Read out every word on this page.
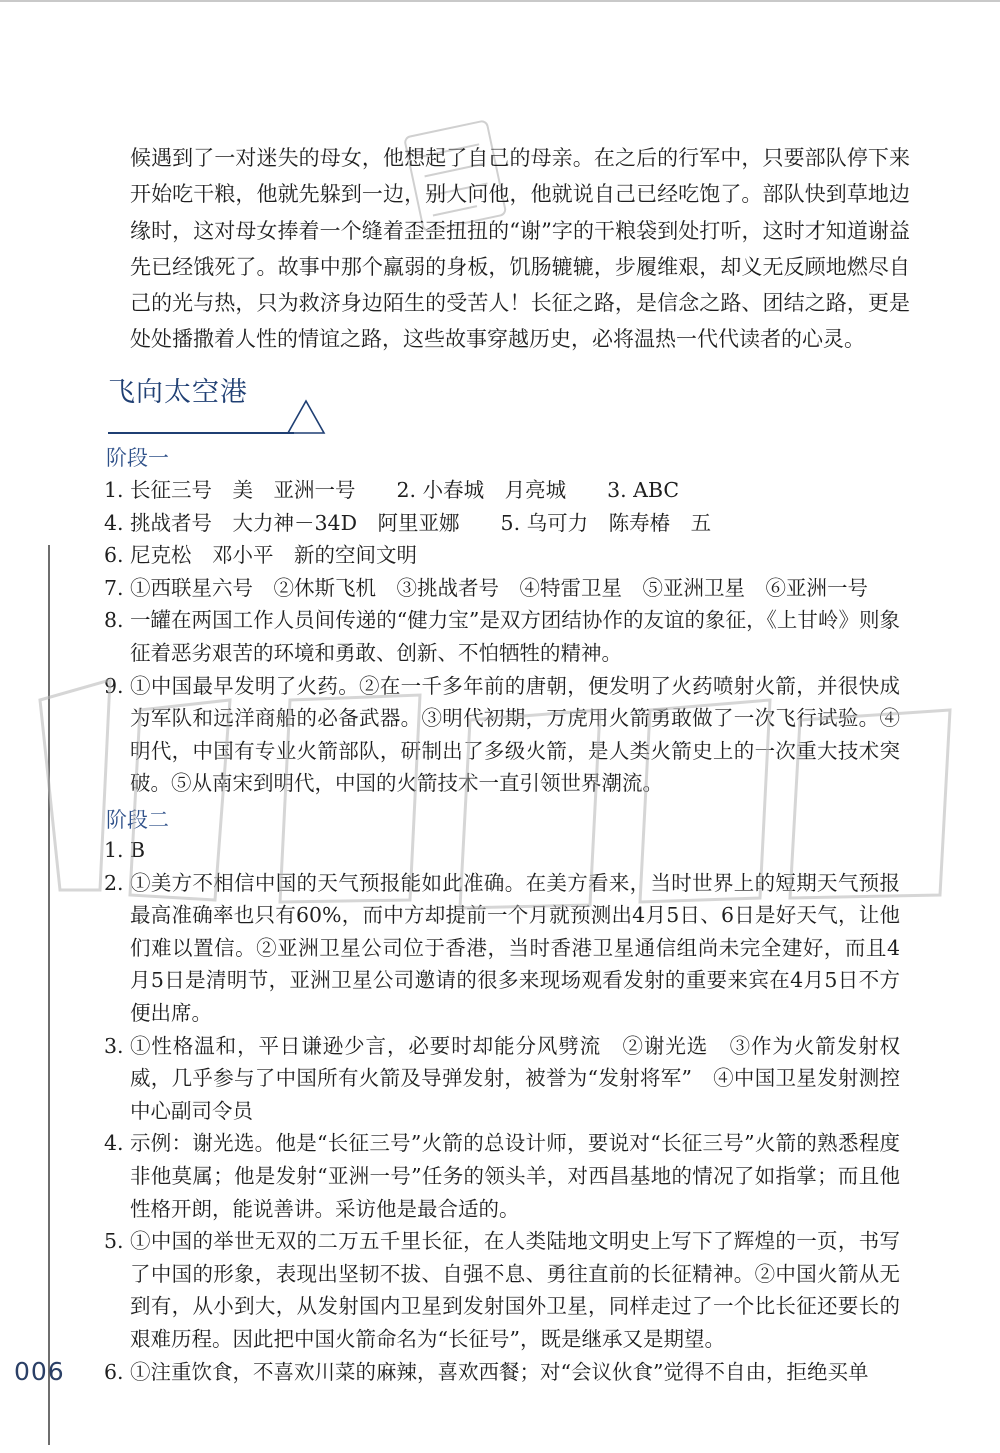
候遇到了一对迷失的母女，他想起了自己的母亲。在之后的行军中，只要部队停下来开始吃干粮，他就先躲到一边，别人问他，他就说自己已经吃饱了。部队快到草地边缘时，这对母女捧着一个缝着歪歪扭扭的“谢”字的干粮袋到处打听，这时才知道谢益先已经饿死了。故事中那个羸弱的身板，饥肠辘辘，步履维艰，却义无反顾地燃尽自己的光与热，只为救济身边陌生的受苦人！长征之路，是信念之路、团结之路，更是处处播撒着人性的情谊之路，这些故事穿越历史，必将温热一代代读者的心灵。

飞向太空港
阶段一
1. 长征三号　美　亚洲一号　　2. 小春城　月亮城　　3. ABC
4. 挑战者号　大力神－34D　阿里亚娜　　5. 乌可力　陈寿椿　五
6. 尼克松　邓小平　新的空间文明
7. ①西联星六号　②休斯飞机　③挑战者号　④特雷卫星　⑤亚洲卫星　⑥亚洲一号
8. 一罐在两国工作人员间传递的“健力宝”是双方团结协作的友谊的象征，《上甘岭》则象征着恶劣艰苦的环境和勇敢、创新、不怕牺牲的精神。
9. ①中国最早发明了火药。②在一千多年前的唐朝，便发明了火药喷射火箭，并很快成为军队和远洋商船的必备武器。③明代初期，万虎用火箭勇敢做了一次飞行试验。④明代，中国有专业火箭部队，研制出了多级火箭，是人类火箭史上的一次重大技术突破。⑤从南宋到明代，中国的火箭技术一直引领世界潮流。
阶段二
1. B
2. ①美方不相信中国的天气预报能如此准确。在美方看来，当时世界上的短期天气预报最高准确率也只有60%，而中方却提前一个月就预测出4月5日、6日是好天气，让他们难以置信。②亚洲卫星公司位于香港，当时香港卫星通信组尚未完全建好，而且4月5日是清明节，亚洲卫星公司邀请的很多来现场观看发射的重要来宾在4月5日不方便出席。
3. ①性格温和，平日谦逊少言，必要时却能分风劈流　②谢光选　③作为火箭发射权威，几乎参与了中国所有火箭及导弹发射，被誉为“发射将军”　④中国卫星发射测控中心副司令员
4. 示例：谢光选。他是“长征三号”火箭的总设计师，要说对“长征三号”火箭的熟悉程度非他莫属；他是发射“亚洲一号”任务的领头羊，对西昌基地的情况了如指掌；而且他性格开朗，能说善讲。采访他是最合适的。
5. ①中国的举世无双的二万五千里长征，在人类陆地文明史上写下了辉煌的一页，书写了中国的形象，表现出坚韧不拔、自强不息、勇往直前的长征精神。②中国火箭从无到有，从小到大，从发射国内卫星到发射国外卫星，同样走过了一个比长征还要长的艰难历程。因此把中国火箭命名为“长征号”，既是继承又是期望。
6. ①注重饮食，不喜欢川菜的麻辣，喜欢西餐；对“会议伙食”觉得不自由，拒绝买单
006
